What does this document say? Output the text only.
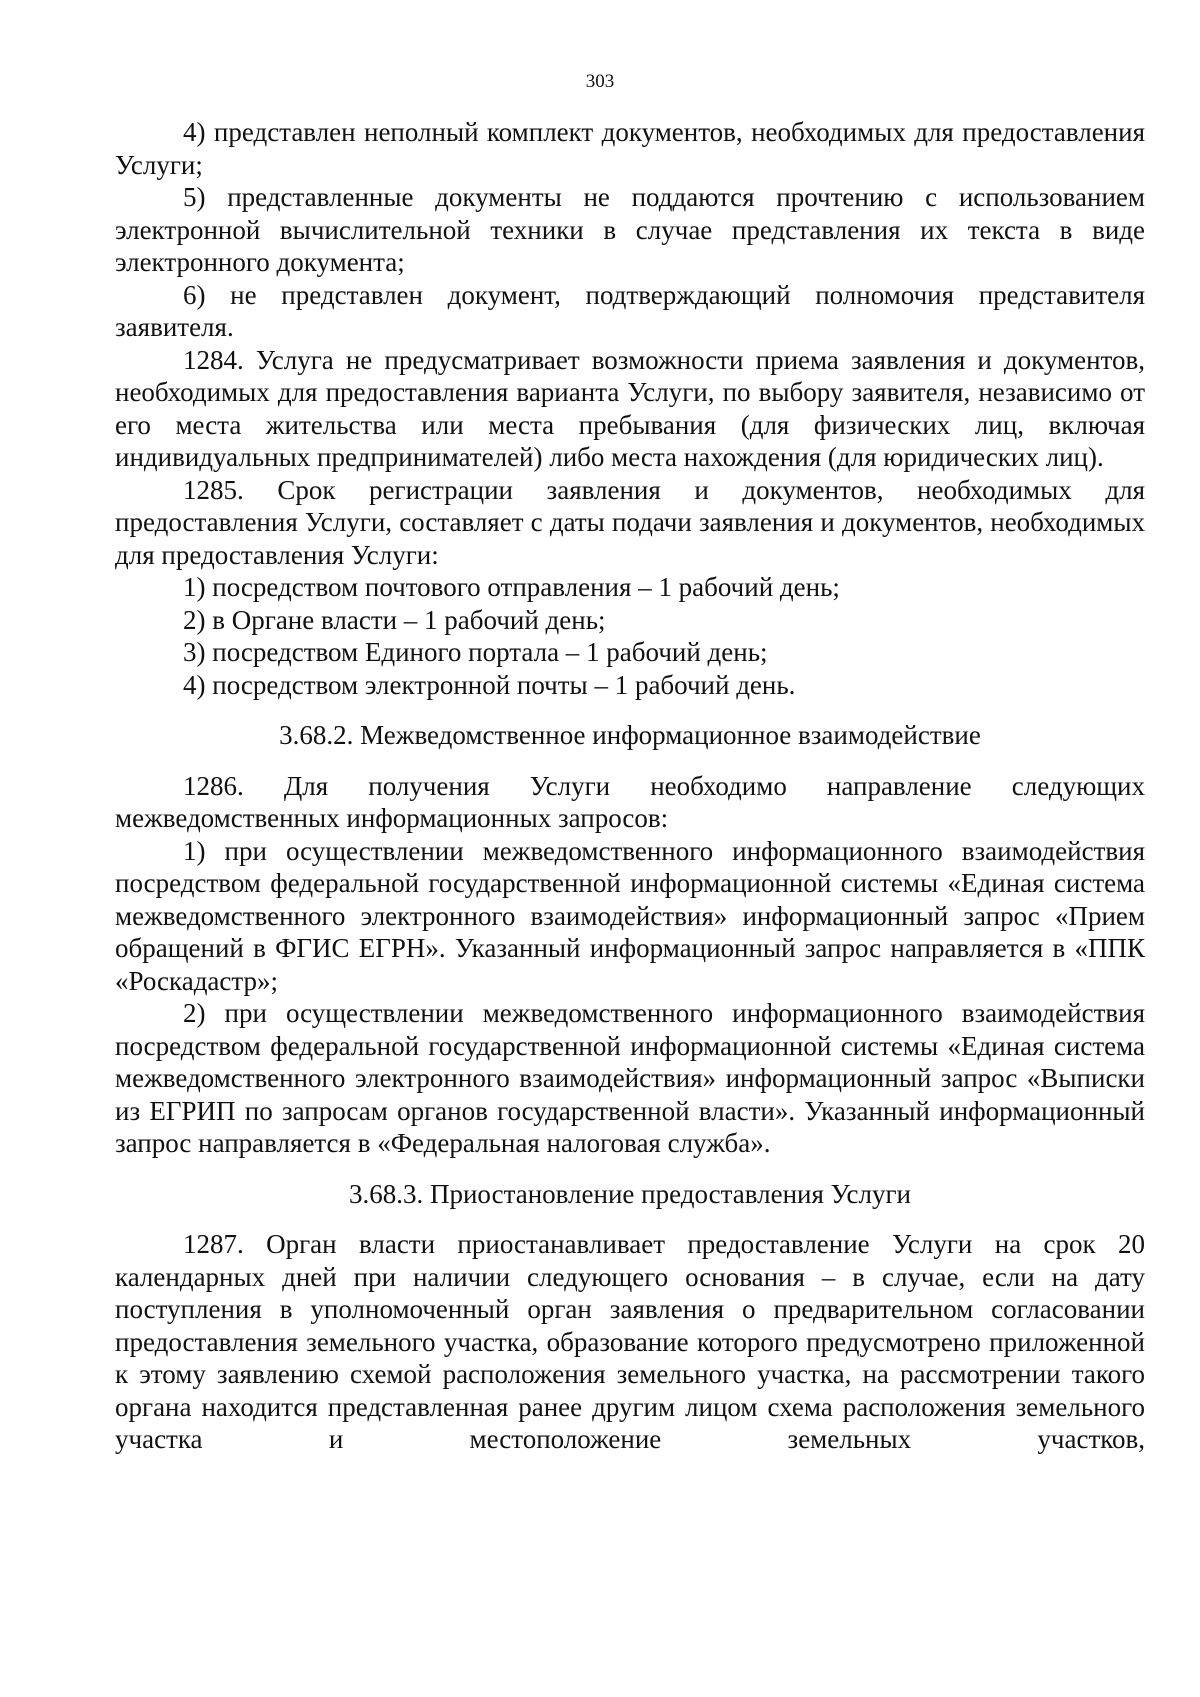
303

4) представлен неполный комплект документов, необходимых для предоставления Услуги;

5) представленные документы не поддаются прочтению с использованием электронной вычислительной техники в случае представления их текста в виде электронного документа;

6) не представлен документ, подтверждающий полномочия представителя заявителя.

1284. Услуга не предусматривает возможности приема заявления и документов, необходимых для предоставления варианта Услуги, по выбору заявителя, независимо от его места жительства или места пребывания (для физических лиц, включая индивидуальных предпринимателей) либо места нахождения (для юридических лиц).

1285. Срок регистрации заявления и документов, необходимых для предоставления Услуги, составляет с даты подачи заявления и документов, необходимых для предоставления Услуги:

1) посредством почтового отправления – 1 рабочий день;

2) в Органе власти – 1 рабочий день;

3) посредством Единого портала – 1 рабочий день;

4) посредством электронной почты – 1 рабочий день.

3.68.2. Межведомственное информационное взаимодействие

1286. Для получения Услуги необходимо направление следующих межведомственных информационных запросов:

1) при осуществлении межведомственного информационного взаимодействия посредством федеральной государственной информационной системы «Единая система межведомственного электронного взаимодействия» информационный запрос «Прием обращений в ФГИС ЕГРН». Указанный информационный запрос направляется в «ППК «Роскадастр»;

2) при осуществлении межведомственного информационного взаимодействия посредством федеральной государственной информационной системы «Единая система межведомственного электронного взаимодействия» информационный запрос «Выписки из ЕГРИП по запросам органов государственной власти». Указанный информационный запрос направляется в «Федеральная налоговая служба».

3.68.3. Приостановление предоставления Услуги

1287. Орган власти приостанавливает предоставление Услуги на срок 20 календарных дней при наличии следующего основания – в случае, если на дату поступления в уполномоченный орган заявления о предварительном согласовании предоставления земельного участка, образование которого предусмотрено приложенной к этому заявлению схемой расположения земельного участка, на рассмотрении такого органа находится представленная ранее другим лицом схема расположения земельного участка и местоположение земельных участков,
